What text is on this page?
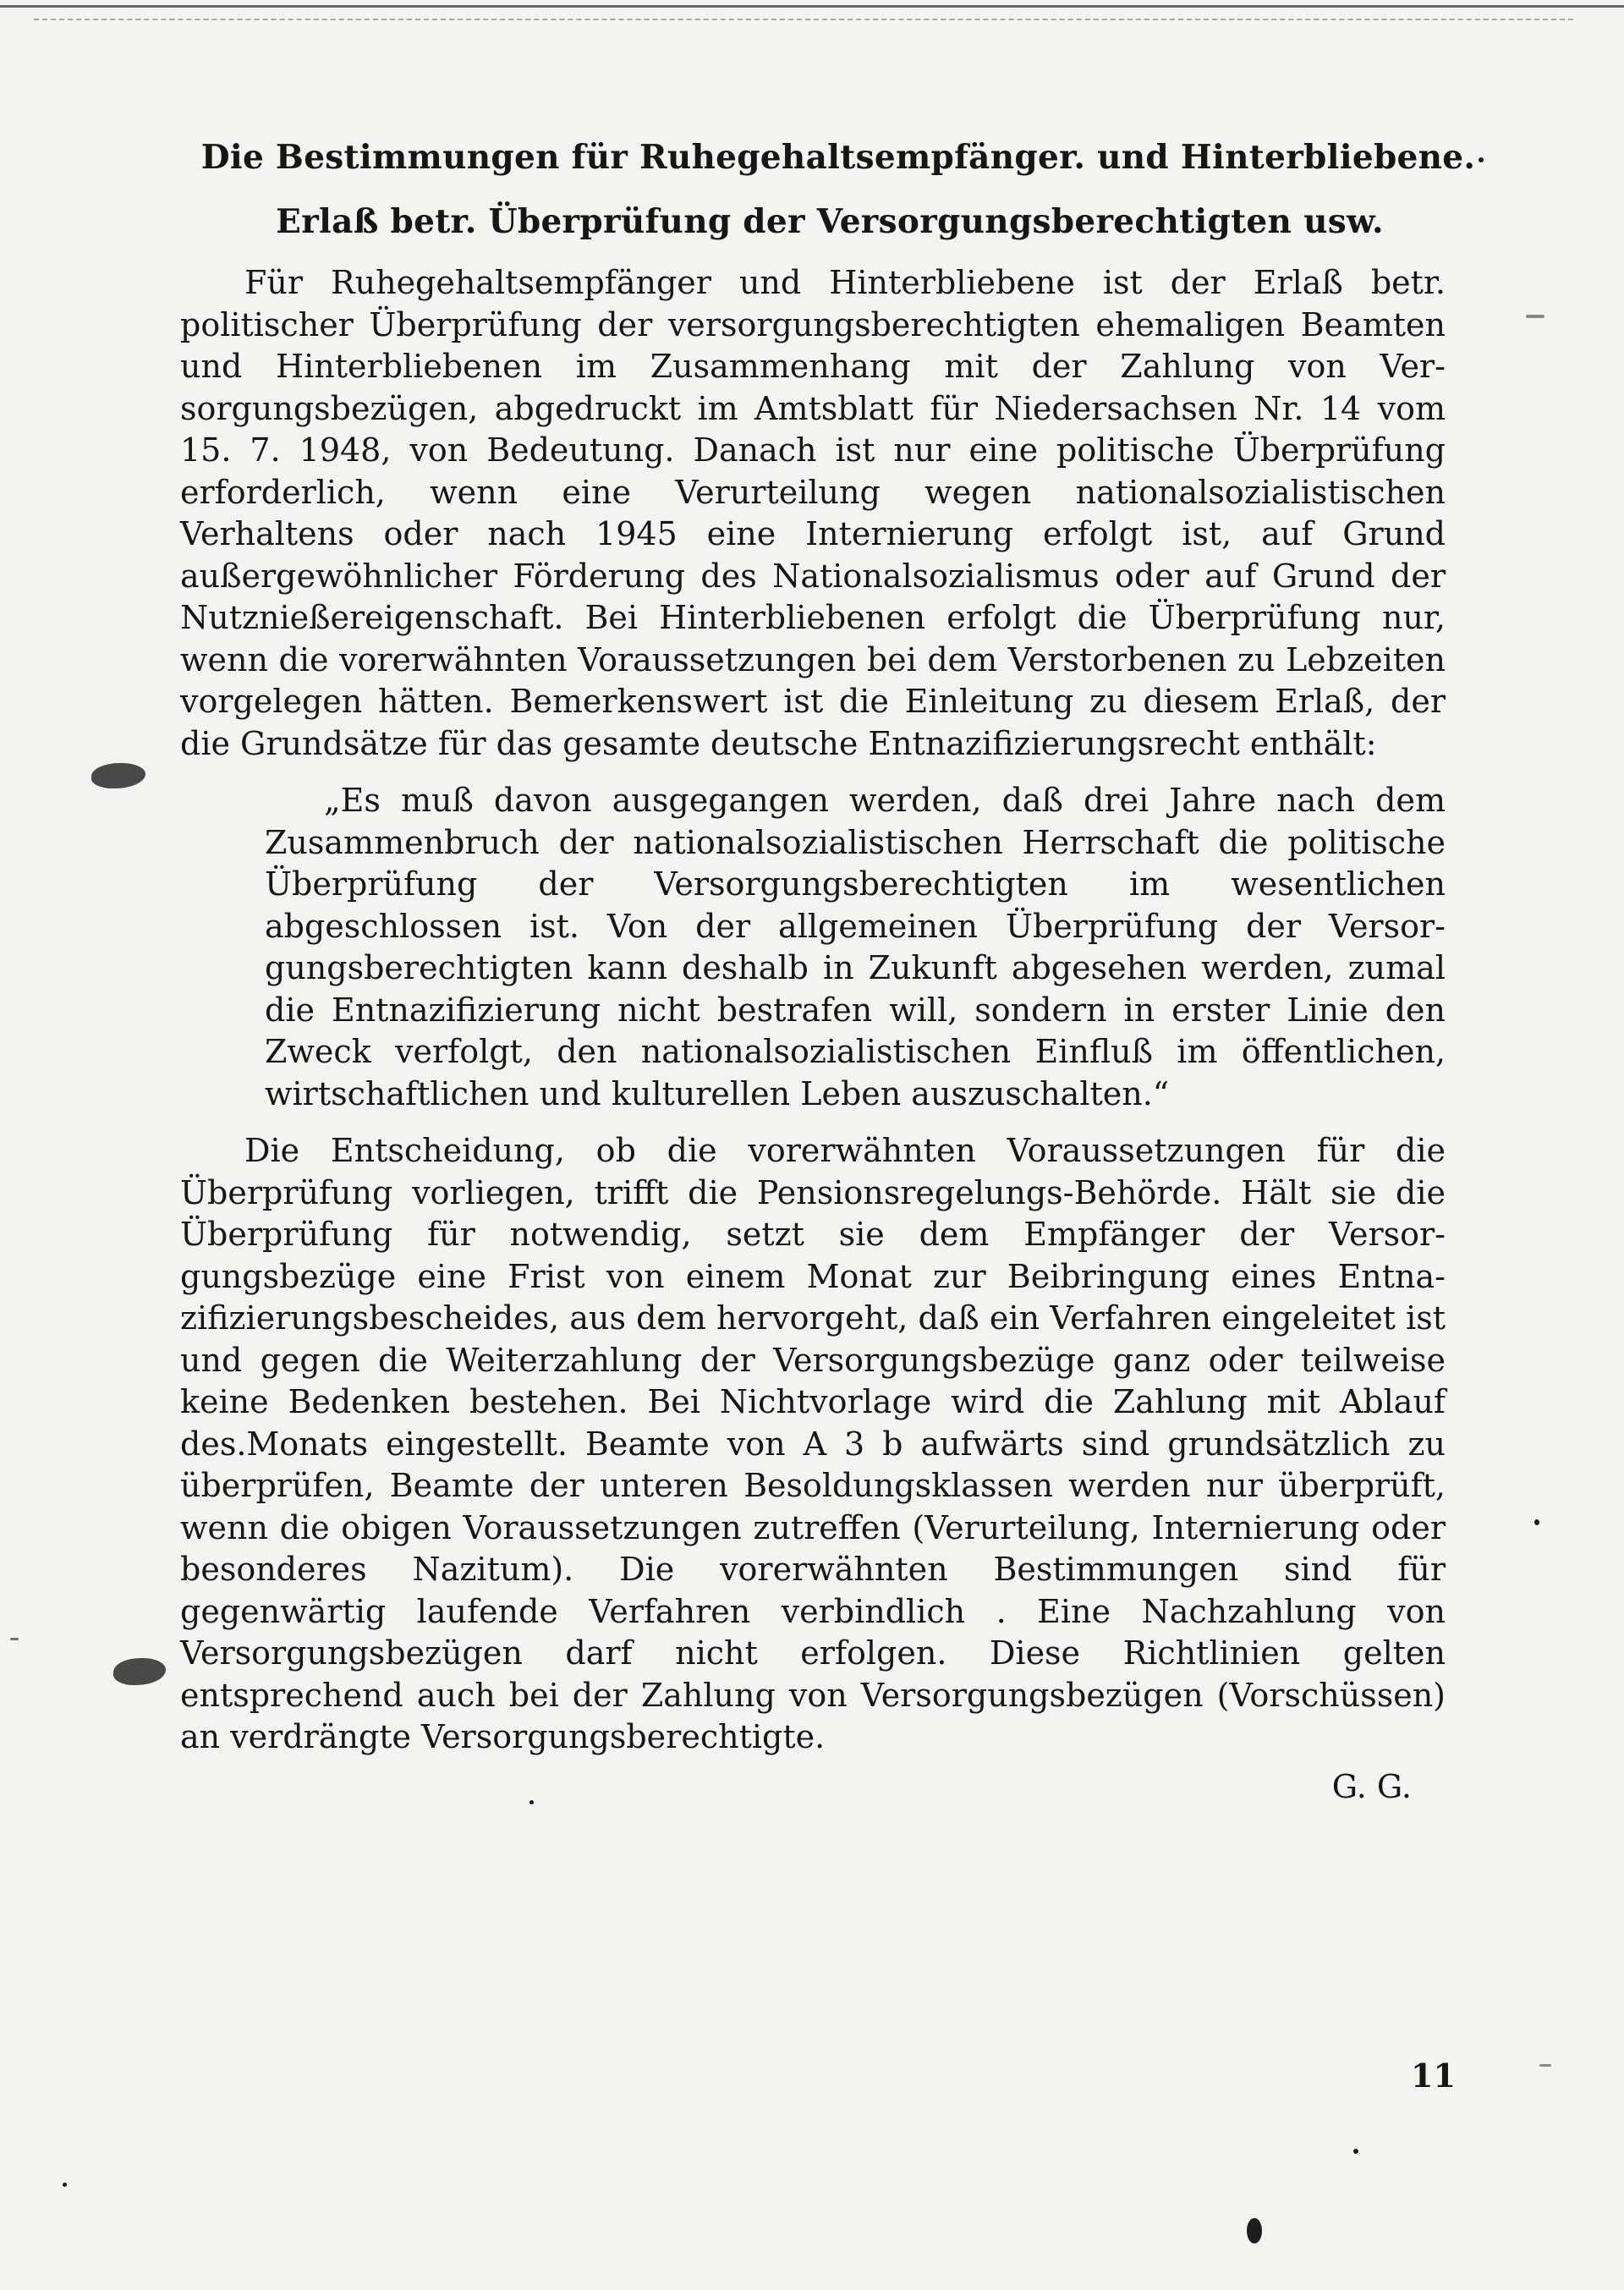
Die Bestimmungen für Ruhegehaltsempfänger. und Hinterbliebene.
Erlaß betr. Überprüfung der Versorgungsberechtigten usw.

Für Ruhegehaltsempfänger und Hinterbliebene ist der Erlaß betr. politischer Überprüfung der versorgungsberechtigten ehemaligen Beamten und Hinterbliebenen im Zusammenhang mit der Zahlung von Versorgungsbezügen, abgedruckt im Amtsblatt für Niedersachsen Nr. 14 vom 15. 7. 1948, von Bedeutung. Danach ist nur eine politische Überprüfung erforderlich, wenn eine Verurteilung wegen nationalsozialistischen Verhaltens oder nach 1945 eine Internierung erfolgt ist, auf Grund außergewöhnlicher Förderung des Nationalsozialismus oder auf Grund der Nutznießereigenschaft. Bei Hinterbliebenen erfolgt die Überprüfung nur, wenn die vorerwähnten Voraussetzungen bei dem Verstorbenen zu Lebzeiten vorgelegen hätten. Bemerkenswert ist die Einleitung zu diesem Erlaß, der die Grundsätze für das gesamte deutsche Entnazifizierungsrecht enthält:

„Es muß davon ausgegangen werden, daß drei Jahre nach dem Zusammenbruch der nationalsozialistischen Herrschaft die politische Überprüfung der Versorgungsberechtigten im wesentlichen abgeschlossen ist. Von der allgemeinen Überprüfung der Versorgungsberechtigten kann deshalb in Zukunft abgesehen werden, zumal die Entnazifizierung nicht bestrafen will, sondern in erster Linie den Zweck verfolgt, den nationalsozialistischen Einfluß im öffentlichen, wirtschaftlichen und kulturellen Leben auszuschalten.“

Die Entscheidung, ob die vorerwähnten Voraussetzungen für die Überprüfung vorliegen, trifft die Pensionsregelungs-Behörde. Hält sie die Überprüfung für notwendig, setzt sie dem Empfänger der Versorgungsbezüge eine Frist von einem Monat zur Beibringung eines Entnazifizierungsbescheides, aus dem hervorgeht, daß ein Verfahren eingeleitet ist und gegen die Weiterzahlung der Versorgungsbezüge ganz oder teilweise keine Bedenken bestehen. Bei Nichtvorlage wird die Zahlung mit Ablauf des.Monats eingestellt. Beamte von A 3 b aufwärts sind grundsätzlich zu überprüfen, Beamte der unteren Besoldungsklassen werden nur überprüft, wenn die obigen Voraussetzungen zutreffen (Verurteilung, Internierung oder besonderes Nazitum). Die vorerwähnten Bestimmungen sind für gegenwärtig laufende Verfahren verbindlich . Eine Nachzahlung von Versorgungsbezügen darf nicht erfolgen. Diese Richtlinien gelten entsprechend auch bei der Zahlung von Versorgungsbezügen (Vorschüssen) an verdrängte Versorgungsberechtigte.

G. G.
11
